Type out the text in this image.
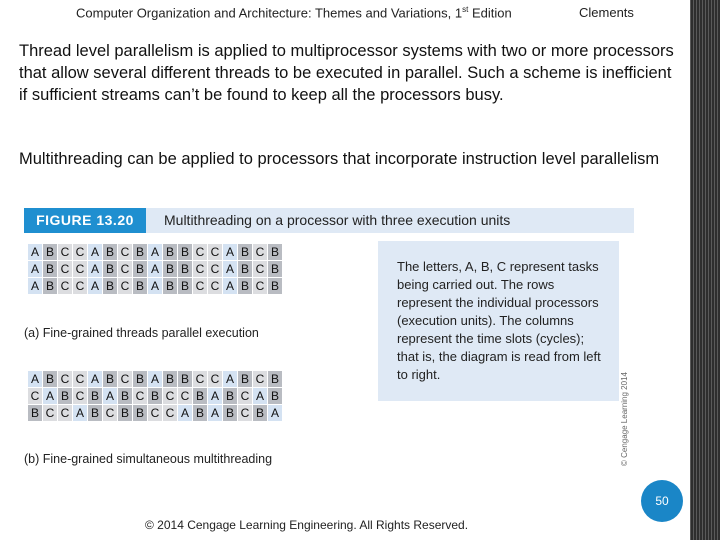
Computer Organization and Architecture: Themes and Variations, 1st Edition	Clements

Thread level parallelism is applied to multiprocessor systems with two or more processors that allow several different threads to be executed in parallel. Such a scheme is inefficient if sufficient streams can’t be found to keep all the processors busy.

Multithreading can be applied to processors that incorporate instruction level parallelism

FIGURE 13.20	Multithreading on a processor with three execution units
A	B	C	C	A	B	C	B	A	B	B	C	C	A	B	C	B
A	B	C	C	A	B	C	B	A	B	B	C	C	A	B	C	B
A	B	C	C	A	B	C	B	A	B	B	C	C	A	B	C	B
(a) Fine-grained threads parallel execution
A	B	C	C	A	B	C	B	A	B	B	C	C	A	B	C	B
C	A	B	C	B	A	B	C	B	C	C	B	A	B	C	A	B
B	C	C	A	B	C	B	B	C	C	A	B	A	B	C	B	A
(b) Fine-grained simultaneous multithreading

The letters, A, B, C represent tasks being carried out. The rows represent the individual processors (execution units). The columns represent the time slots (cycles); that is, the diagram is read from left to right.	© Cengage Learning 2014
50
© 2014 Cengage Learning Engineering. All Rights Reserved.
